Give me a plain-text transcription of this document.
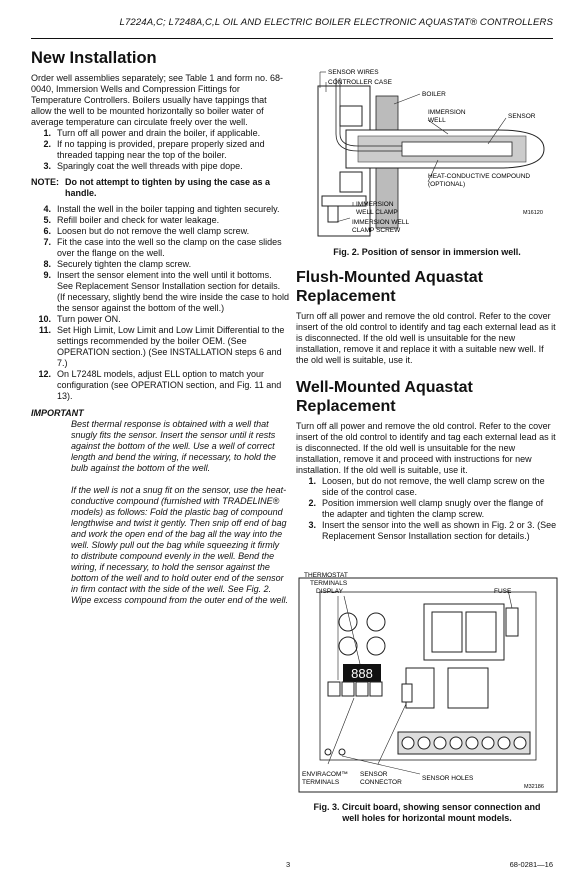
L7224A,C; L7248A,C,L OIL AND ELECTRIC BOILER ELECTRONIC AQUASTAT® CONTROLLERS
New Installation

Order well assemblies separately; see Table 1 and form no. 68-0040, Immersion Wells and Compression Fittings for Temperature Controllers. Boilers usually have tappings that allow the well to be mounted horizontally so boiler water of average temperature can circulate freely over the well.

1. Turn off all power and drain the boiler, if applicable.
2. If no tapping is provided, prepare properly sized and threaded tapping near the top of the boiler.
3. Sparingly coat the well threads with pipe dope.
NOTE: Do not attempt to tighten by using the case as a handle.
4. Install the well in the boiler tapping and tighten securely.
5. Refill boiler and check for water leakage.
6. Loosen but do not remove the well clamp screw.
7. Fit the case into the well so the clamp on the case slides over the flange on the well.
8. Securely tighten the clamp screw.
9. Insert the sensor element into the well until it bottoms. See Replacement Sensor Installation section for details. (If necessary, slightly bend the wire inside the case to hold the sensor against the bottom of the well.)
10. Turn power ON.
11. Set High Limit, Low Limit and Low Limit Differential to the settings recommended by the boiler OEM. (See OPERATION section.) (See INSTALLATION steps 6 and 7.)
12. On L7248L models, adjust ELL option to match your configuration (see OPERATION section, and Fig. 11 and 13).
IMPORTANT

Best thermal response is obtained with a well that snugly fits the sensor. Insert the sensor until it rests against the bottom of the well. Use a well of correct length and bend the wiring, if necessary, to hold the bulb against the bottom of the well.

If the well is not a snug fit on the sensor, use the heat-conductive compound (furnished with TRADELINE® models) as follows: Fold the plastic bag of compound lengthwise and twist it gently. Then snip off end of bag and work the open end of the bag all the way into the well. Slowly pull out the bag while squeezing it firmly to distribute compound evenly in the well. Bend the wiring, if necessary, to hold the sensor against the bottom of the well and to hold outer end of the sensor in firm contact with the side of the well. See Fig. 2. Wipe excess compound from the outer end of the well.

SENSOR WIRES
CONTROLLER CASE
BOILER
IMMERSION
WELL
SENSOR
HEAT-CONDUCTIVE COMPOUND
(OPTIONAL)
IMMERSION
WELL CLAMP
IMMERSION WELL
CLAMP SCREW
M16120
Fig. 2. Position of sensor in immersion well.
Flush-Mounted Aquastat
Replacement

Turn off all power and remove the old control. Refer to the cover insert of the old control to identify and tag each external lead as it is disconnected. If the old well is unsuitable for the new installation, remove it and replace it with a suitable new well. If the old well is suitable, use it.

Well-Mounted Aquastat
Replacement

Turn off all power and remove the old control. Refer to the cover insert of the old control to identify and tag each external lead as it is disconnected. If the old well is unsuitable for the new installation, remove it and proceed with instructions for new installation. If the old well is suitable, use it.

1. Loosen, but do not remove, the well clamp screw on the side of the control case.
2. Position immersion well clamp snugly over the flange of the adapter and tighten the clamp screw.
3. Insert the sensor into the well as shown in Fig. 2 or 3. (See Replacement Sensor Installation section for details.)
888
THERMOSTAT
TERMINALS
DISPLAY	FUSE
ENVIRACOM™
TERMINALS
SENSOR
CONNECTOR
SENSOR HOLES
M32186
Fig. 3. Circuit board, showing sensor connection and
well holes for horizontal mount models.
3	68-0281—16
